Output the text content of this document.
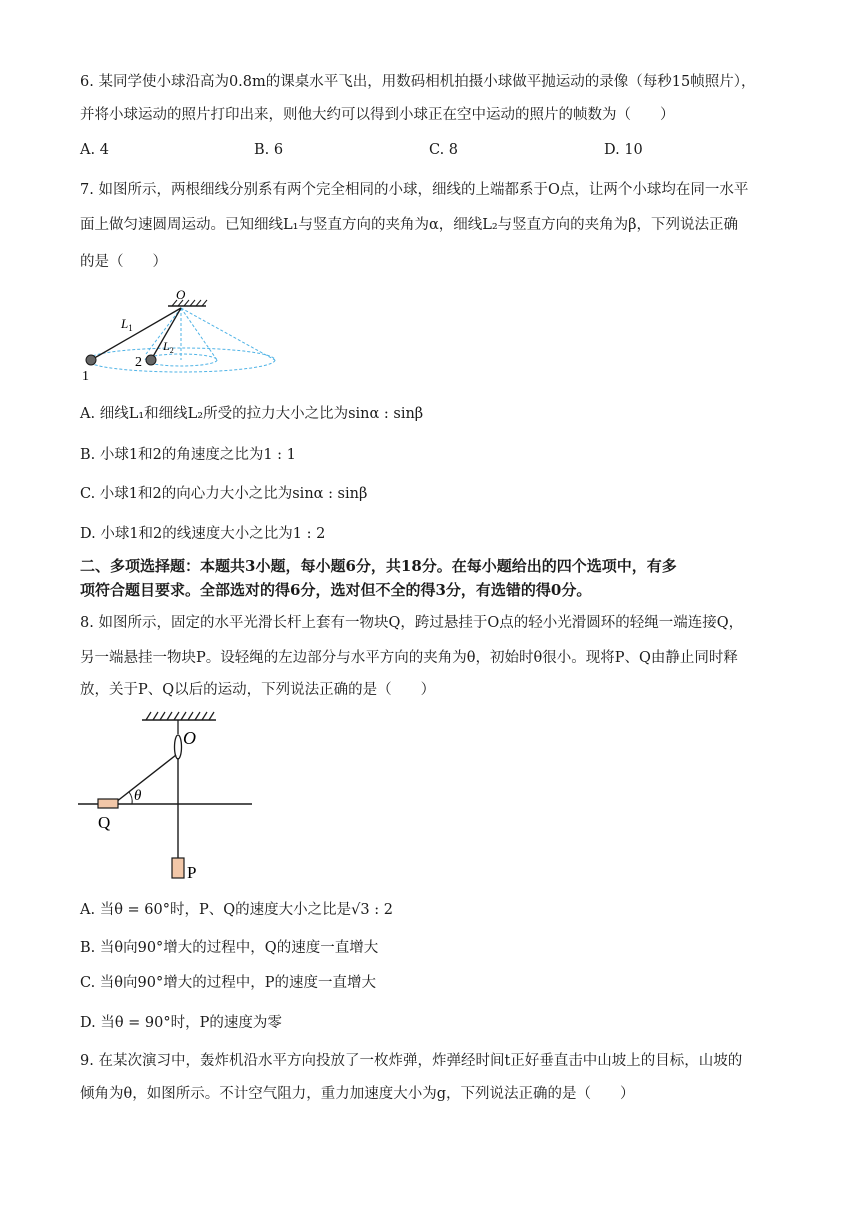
6. 某同学使小球沿高为0.8m的课桌水平飞出，用数码相机拍摄小球做平抛运动的录像（每秒15帧照片），
并将小球运动的照片打印出来，则他大约可以得到小球正在空中运动的照片的帧数为（　　）
A. 4	B. 6	C. 8	D. 10
7. 如图所示，两根细线分别系有两个完全相同的小球，细线的上端都系于O点，让两个小球均在同一水平
面上做匀速圆周运动。已知细线L₁与竖直方向的夹角为α，细线L₂与竖直方向的夹角为β，下列说法正确
的是（　　）
O
$L_1$
$L_2$
1
2
A. 细线L₁和细线L₂所受的拉力大小之比为sinα : sinβ
B. 小球1和2的角速度之比为1 : 1
C. 小球1和2的向心力大小之比为sinα : sinβ
D. 小球1和2的线速度大小之比为1 : 2
二、多项选择题：本题共3小题，每小题6分，共18分。在每小题给出的四个选项中，有多
项符合题目要求。全部选对的得6分，选对但不全的得3分，有选错的得0分。
8. 如图所示，固定的水平光滑长杆上套有一物块Q，跨过悬挂于O点的轻小光滑圆环的轻绳一端连接Q，
另一端悬挂一物块P。设轻绳的左边部分与水平方向的夹角为θ，初始时θ很小。现将P、Q由静止同时释
放，关于P、Q以后的运动，下列说法正确的是（　　）
O
θ
Q
P
A. 当θ = 60°时，P、Q的速度大小之比是√3 : 2
B. 当θ向90°增大的过程中，Q的速度一直增大
C. 当θ向90°增大的过程中，P的速度一直增大
D. 当θ = 90°时，P的速度为零
9. 在某次演习中，轰炸机沿水平方向投放了一枚炸弹，炸弹经时间t正好垂直击中山坡上的目标，山坡的
倾角为θ，如图所示。不计空气阻力，重力加速度大小为g，下列说法正确的是（　　）
